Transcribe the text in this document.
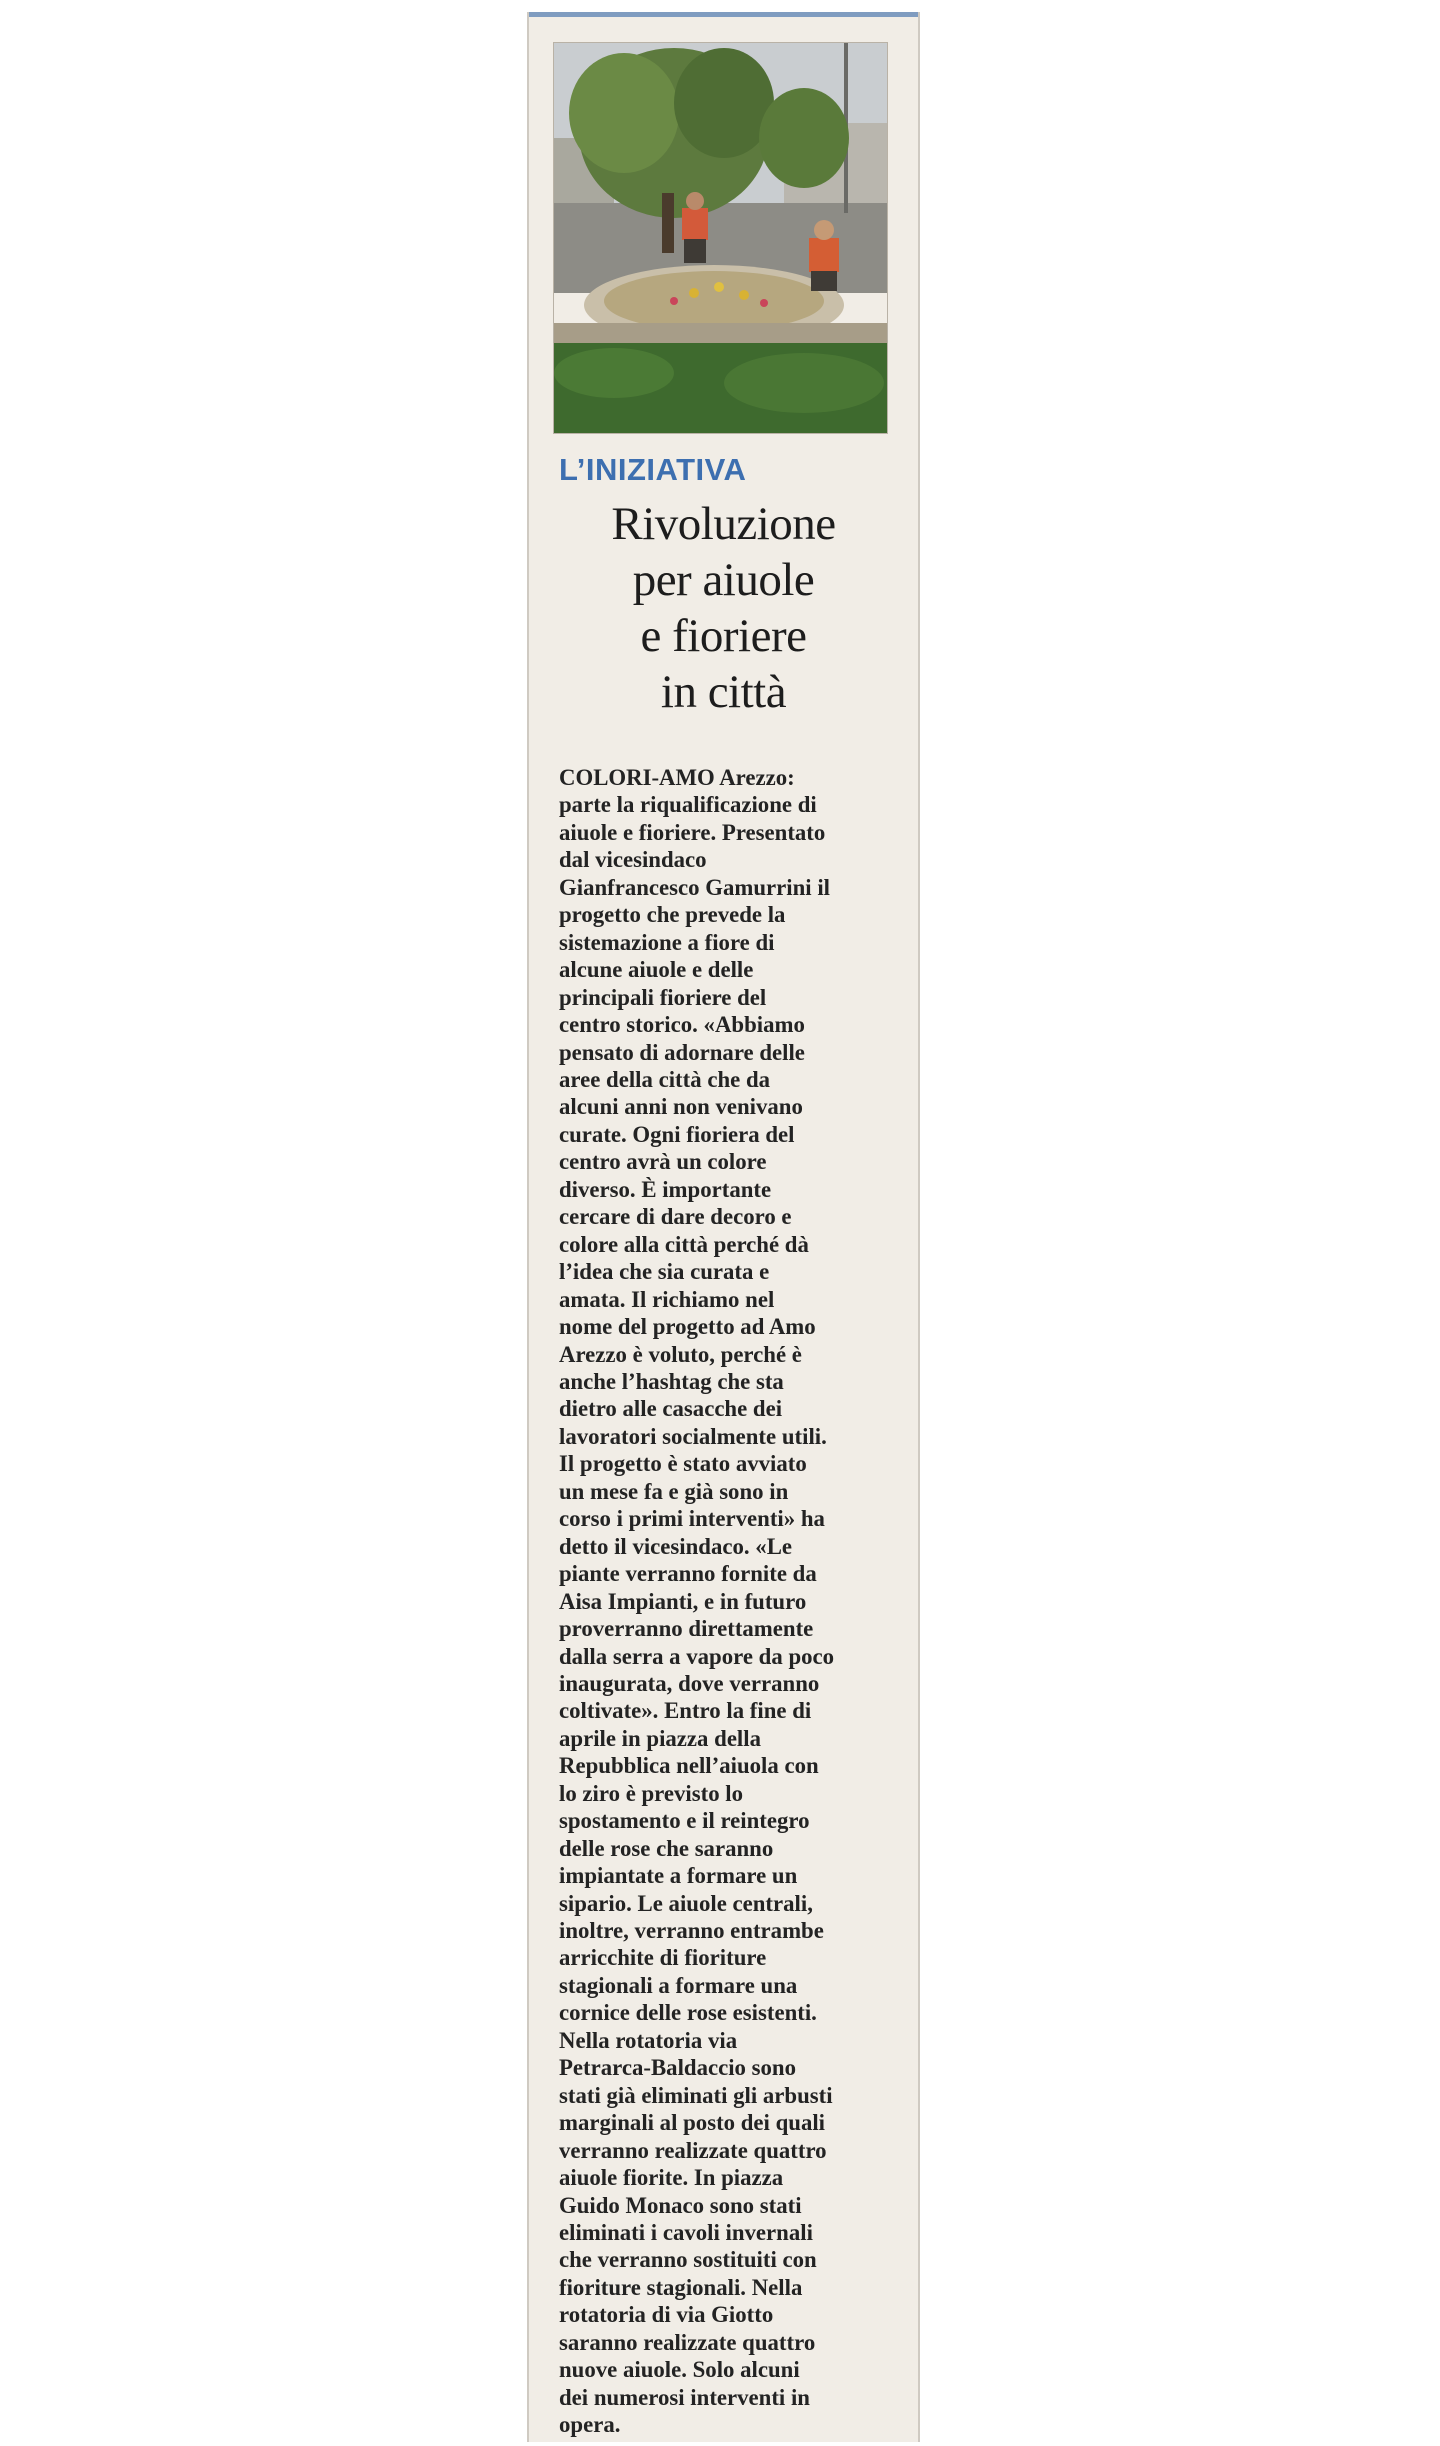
L’INIZIATIVA
Rivoluzione
per aiuole
e fioriere
in città
COLORI-AMO Arezzo:
parte la riqualificazione di
aiuole e fioriere. Presentato
dal vicesindaco
Gianfrancesco Gamurrini il
progetto che prevede la
sistemazione a fiore di
alcune aiuole e delle
principali fioriere del
centro storico. «Abbiamo
pensato di adornare delle
aree della città che da
alcuni anni non venivano
curate. Ogni fioriera del
centro avrà un colore
diverso. È importante
cercare di dare decoro e
colore alla città perché dà
l’idea che sia curata e
amata. Il richiamo nel
nome del progetto ad Amo
Arezzo è voluto, perché è
anche l’hashtag che sta
dietro alle casacche dei
lavoratori socialmente utili.
Il progetto è stato avviato
un mese fa e già sono in
corso i primi interventi» ha
detto il vicesindaco. «Le
piante verranno fornite da
Aisa Impianti, e in futuro
proverranno direttamente
dalla serra a vapore da poco
inaugurata, dove verranno
coltivate». Entro la fine di
aprile in piazza della
Repubblica nell’aiuola con
lo ziro è previsto lo
spostamento e il reintegro
delle rose che saranno
impiantate a formare un
sipario. Le aiuole centrali,
inoltre, verranno entrambe
arricchite di fioriture
stagionali a formare una
cornice delle rose esistenti.
Nella rotatoria via
Petrarca-Baldaccio sono
stati già eliminati gli arbusti
marginali al posto dei quali
verranno realizzate quattro
aiuole fiorite. In piazza
Guido Monaco sono stati
eliminati i cavoli invernali
che verranno sostituiti con
fioriture stagionali. Nella
rotatoria di via Giotto
saranno realizzate quattro
nuove aiuole. Solo alcuni
dei numerosi interventi in
opera.
